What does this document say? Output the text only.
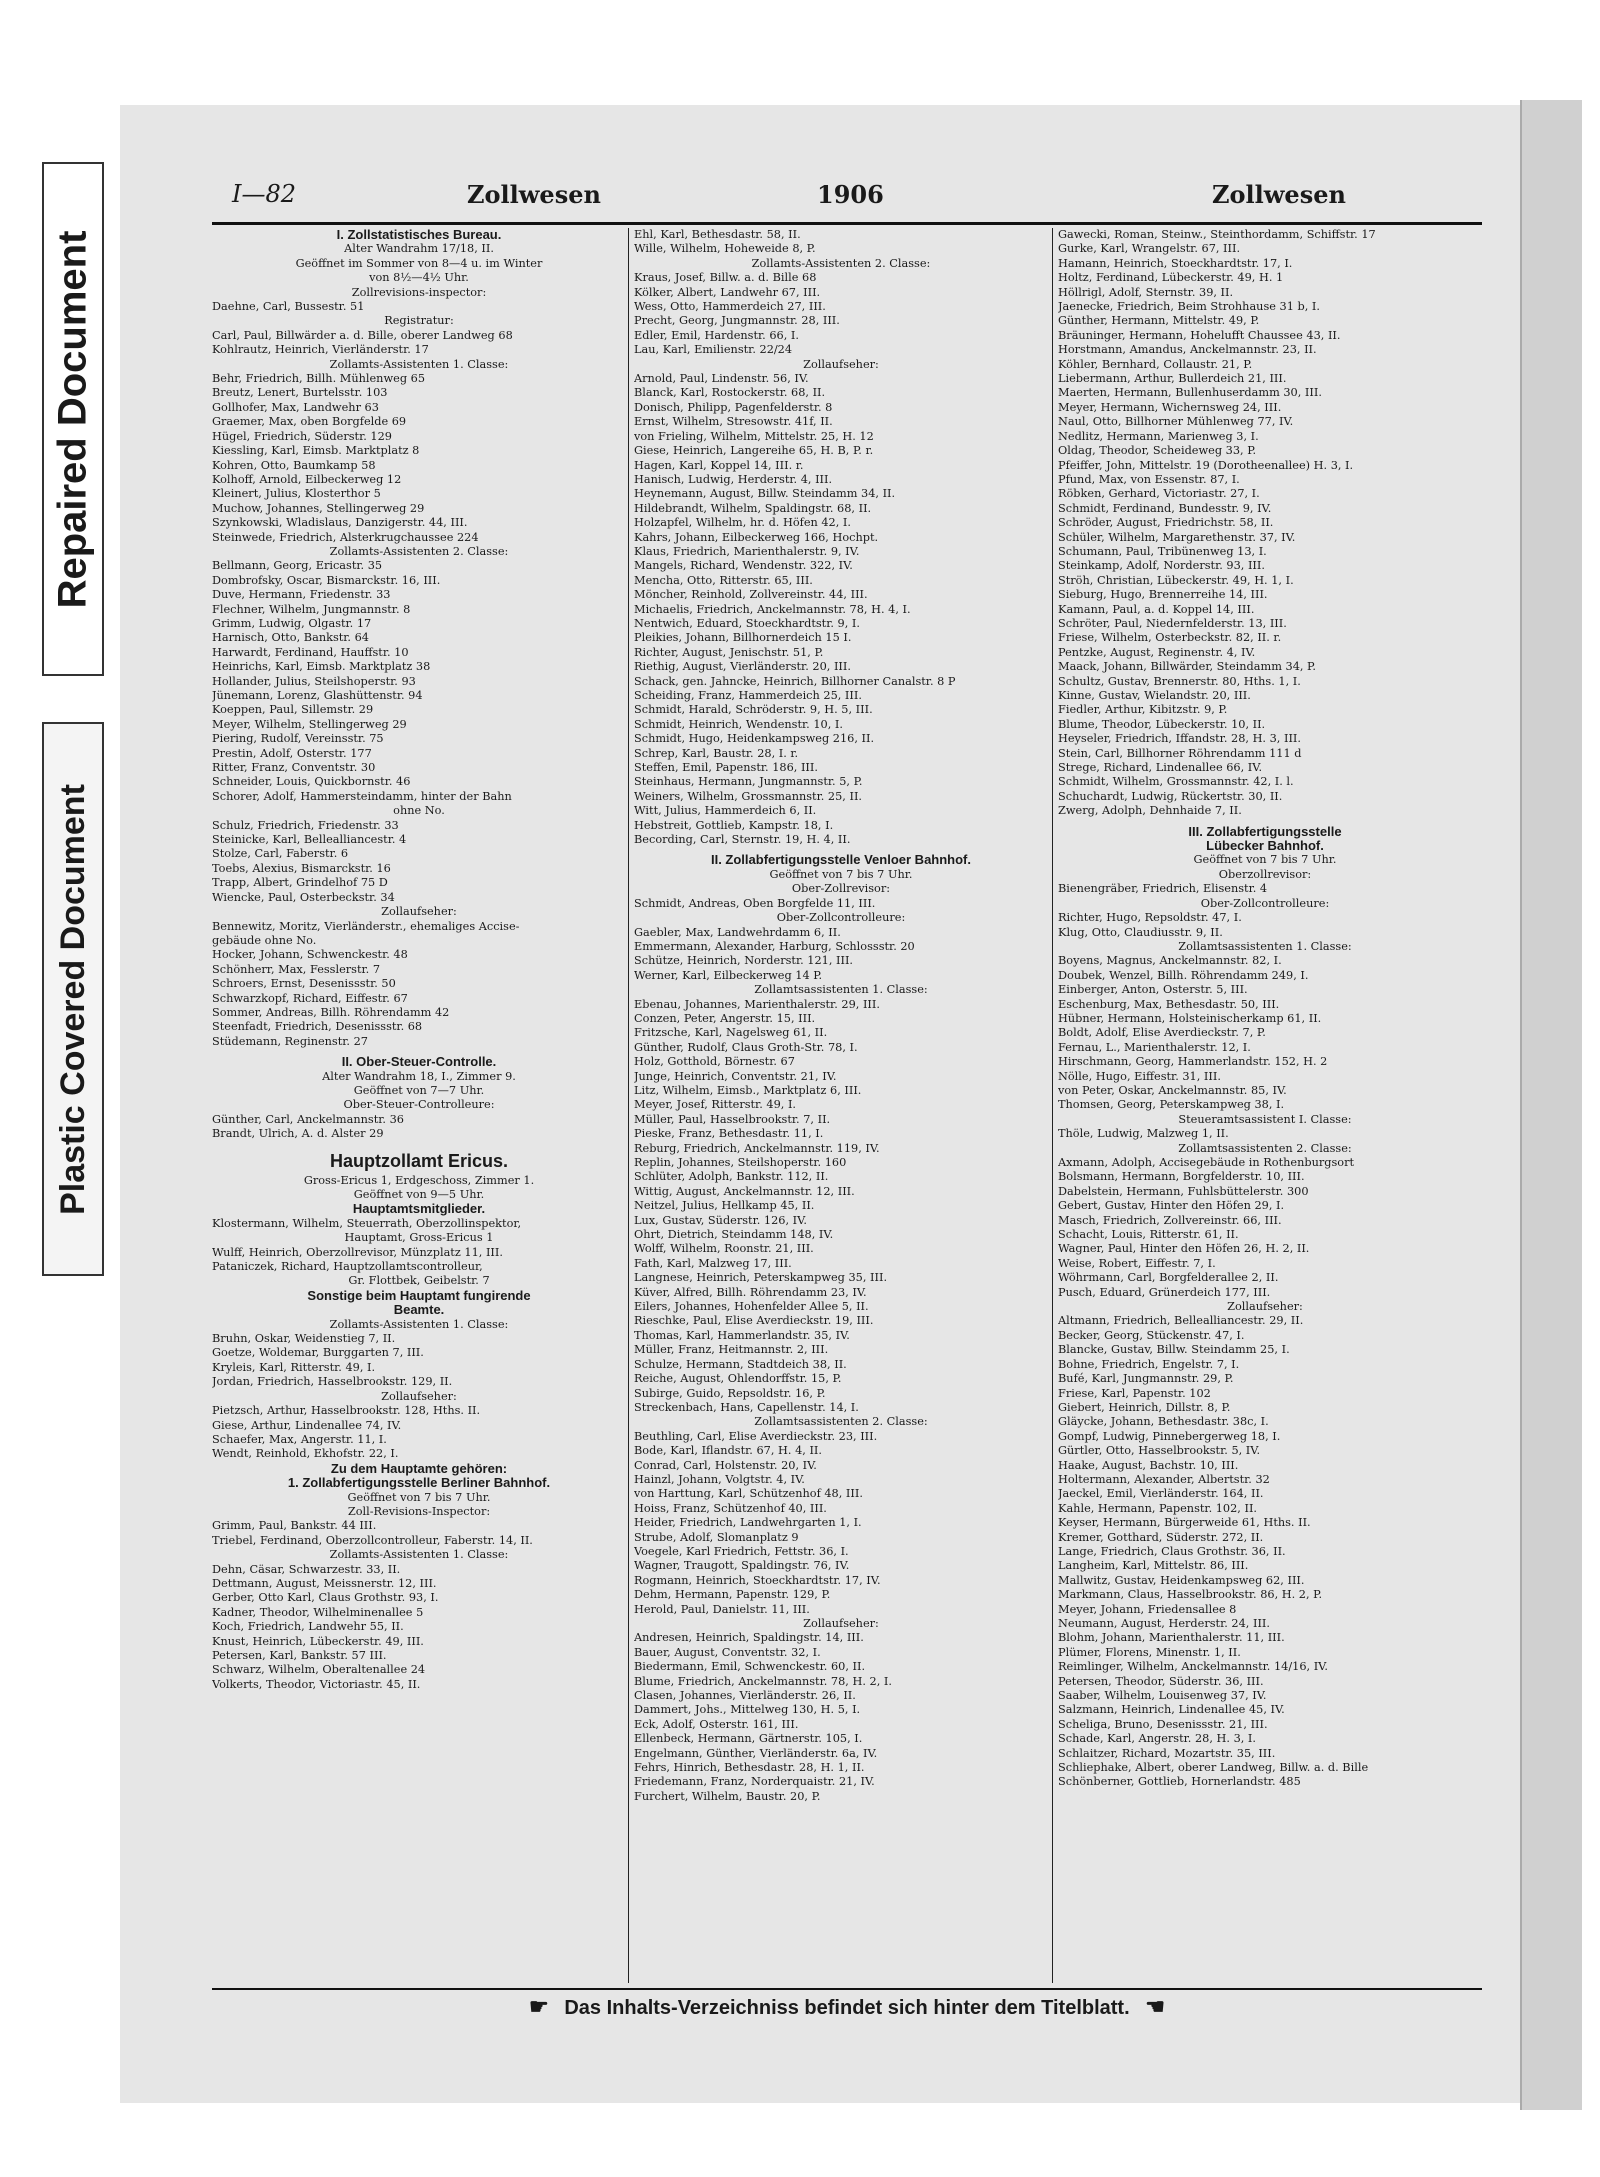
Repaired Document
Plastic Covered Document
I—82	Zollwesen	1906	Zollwesen
I. Zollstatistisches Bureau.
Alter Wandrahm 17/18, II.
Geöffnet im Sommer von 8—4 u. im Winter
von 8½—4½ Uhr.
Zollrevisions-inspector:
Daehne, Carl, Bussestr. 51
Registratur:
Carl, Paul, Billwärder a. d. Bille, oberer Landweg 68
Kohlrautz, Heinrich, Vierländerstr. 17
Zollamts-Assistenten 1. Classe:
Behr, Friedrich, Billh. Mühlenweg 65
Breutz, Lenert, Burtelsstr. 103
Gollhofer, Max, Landwehr 63
Graemer, Max, oben Borgfelde 69
Hügel, Friedrich, Süderstr. 129
Kiessling, Karl, Eimsb. Marktplatz 8
Kohren, Otto, Baumkamp 58
Kolhoff, Arnold, Eilbeckerweg 12
Kleinert, Julius, Klosterthor 5
Muchow, Johannes, Stellingerweg 29
Szynkowski, Wladislaus, Danzigerstr. 44, III.
Steinwede, Friedrich, Alsterkrugchaussee 224
Zollamts-Assistenten 2. Classe:
Bellmann, Georg, Ericastr. 35
Dombrofsky, Oscar, Bismarckstr. 16, III.
Duve, Hermann, Friedenstr. 33
Flechner, Wilhelm, Jungmannstr. 8
Grimm, Ludwig, Olgastr. 17
Harnisch, Otto, Bankstr. 64
Harwardt, Ferdinand, Hauffstr. 10
Heinrichs, Karl, Eimsb. Marktplatz 38
Hollander, Julius, Steilshoperstr. 93
Jünemann, Lorenz, Glashüttenstr. 94
Koeppen, Paul, Sillemstr. 29
Meyer, Wilhelm, Stellingerweg 29
Piering, Rudolf, Vereinsstr. 75
Prestin, Adolf, Osterstr. 177
Ritter, Franz, Conventstr. 30
Schneider, Louis, Quickbornstr. 46
Schorer, Adolf, Hammersteindamm, hinter der Bahn
ohne No.
Schulz, Friedrich, Friedenstr. 33
Steinicke, Karl, Bellealliancestr. 4
Stolze, Carl, Faberstr. 6
Toebs, Alexius, Bismarckstr. 16
Trapp, Albert, Grindelhof 75 D
Wiencke, Paul, Osterbeckstr. 34
Zollaufseher:
Bennewitz, Moritz, Vierländerstr., ehemaliges Accise-
gebäude ohne No.
Hocker, Johann, Schwenckestr. 48
Schönherr, Max, Fesslerstr. 7
Schroers, Ernst, Desenissstr. 50
Schwarzkopf, Richard, Eiffestr. 67
Sommer, Andreas, Billh. Röhrendamm 42
Steenfadt, Friedrich, Desenissstr. 68
Stüdemann, Reginenstr. 27
II. Ober-Steuer-Controlle.
Alter Wandrahm 18, I., Zimmer 9.
Geöffnet von 7—7 Uhr.
Ober-Steuer-Controlleure:
Günther, Carl, Anckelmannstr. 36
Brandt, Ulrich, A. d. Alster 29
Hauptzollamt Ericus.
Gross-Ericus 1, Erdgeschoss, Zimmer 1.
Geöffnet von 9—5 Uhr.
Hauptamtsmitglieder.
Klostermann, Wilhelm, Steuerrath, Oberzollinspektor,
Hauptamt, Gross-Ericus 1
Wulff, Heinrich, Oberzollrevisor, Münzplatz 11, III.
Pataniczek, Richard, Hauptzollamtscontrolleur,
Gr. Flottbek, Geibelstr. 7
Sonstige beim Hauptamt fungirende
Beamte.
Zollamts-Assistenten 1. Classe:
Bruhn, Oskar, Weidenstieg 7, II.
Goetze, Woldemar, Burggarten 7, III.
Kryleis, Karl, Ritterstr. 49, I.
Jordan, Friedrich, Hasselbrookstr. 129, II.
Zollaufseher:
Pietzsch, Arthur, Hasselbrookstr. 128, Hths. II.
Giese, Arthur, Lindenallee 74, IV.
Schaefer, Max, Angerstr. 11, I.
Wendt, Reinhold, Ekhofstr. 22, I.
Zu dem Hauptamte gehören:
1. Zollabfertigungsstelle Berliner Bahnhof.
Geöffnet von 7 bis 7 Uhr.
Zoll-Revisions-Inspector:
Grimm, Paul, Bankstr. 44 III.
Triebel, Ferdinand, Oberzollcontrolleur, Faberstr. 14, II.
Zollamts-Assistenten 1. Classe:
Dehn, Cäsar, Schwarzestr. 33, II.
Dettmann, August, Meissnerstr. 12, III.
Gerber, Otto Karl, Claus Grothstr. 93, I.
Kadner, Theodor, Wilhelminenallee 5
Koch, Friedrich, Landwehr 55, II.
Knust, Heinrich, Lübeckerstr. 49, III.
Petersen, Karl, Bankstr. 57 III.
Schwarz, Wilhelm, Oberaltenallee 24
Volkerts, Theodor, Victoriastr. 45, II.
Ehl, Karl, Bethesdastr. 58, II.
Wille, Wilhelm, Hoheweide 8, P.
Zollamts-Assistenten 2. Classe:
Kraus, Josef, Billw. a. d. Bille 68
Kölker, Albert, Landwehr 67, III.
Wess, Otto, Hammerdeich 27, III.
Precht, Georg, Jungmannstr. 28, III.
Edler, Emil, Hardenstr. 66, I.
Lau, Karl, Emilienstr. 22/24
Zollaufseher:
Arnold, Paul, Lindenstr. 56, IV.
Blanck, Karl, Rostockerstr. 68, II.
Donisch, Philipp, Pagenfelderstr. 8
Ernst, Wilhelm, Stresowstr. 41f, II.
von Frieling, Wilhelm, Mittelstr. 25, H. 12
Giese, Heinrich, Langereihe 65, H. B, P. r.
Hagen, Karl, Koppel 14, III. r.
Hanisch, Ludwig, Herderstr. 4, III.
Heynemann, August, Billw. Steindamm 34, II.
Hildebrandt, Wilhelm, Spaldingstr. 68, II.
Holzapfel, Wilhelm, hr. d. Höfen 42, I.
Kahrs, Johann, Eilbeckerweg 166, Hochpt.
Klaus, Friedrich, Marienthalerstr. 9, IV.
Mangels, Richard, Wendenstr. 322, IV.
Mencha, Otto, Ritterstr. 65, III.
Möncher, Reinhold, Zollvereinstr. 44, III.
Michaelis, Friedrich, Anckelmannstr. 78, H. 4, I.
Nentwich, Eduard, Stoeckhardtstr. 9, I.
Pleikies, Johann, Billhornerdeich 15 I.
Richter, August, Jenischstr. 51, P.
Riethig, August, Vierländerstr. 20, III.
Schack, gen. Jahncke, Heinrich, Billhorner Canalstr. 8 P
Scheiding, Franz, Hammerdeich 25, III.
Schmidt, Harald, Schröderstr. 9, H. 5, III.
Schmidt, Heinrich, Wendenstr. 10, I.
Schmidt, Hugo, Heidenkampsweg 216, II.
Schrep, Karl, Baustr. 28, I. r.
Steffen, Emil, Papenstr. 186, III.
Steinhaus, Hermann, Jungmannstr. 5, P.
Weiners, Wilhelm, Grossmannstr. 25, II.
Witt, Julius, Hammerdeich 6, II.
Hebstreit, Gottlieb, Kampstr. 18, I.
Becording, Carl, Sternstr. 19, H. 4, II.
II. Zollabfertigungsstelle Venloer Bahnhof.
Geöffnet von 7 bis 7 Uhr.
Ober-Zollrevisor:
Schmidt, Andreas, Oben Borgfelde 11, III.
Ober-Zollcontrolleure:
Gaebler, Max, Landwehrdamm 6, II.
Emmermann, Alexander, Harburg, Schlossstr. 20
Schütze, Heinrich, Norderstr. 121, III.
Werner, Karl, Eilbeckerweg 14 P.
Zollamtsassistenten 1. Classe:
Ebenau, Johannes, Marienthalerstr. 29, III.
Conzen, Peter, Angerstr. 15, III.
Fritzsche, Karl, Nagelsweg 61, II.
Günther, Rudolf, Claus Groth-Str. 78, I.
Holz, Gotthold, Börnestr. 67
Junge, Heinrich, Conventstr. 21, IV.
Litz, Wilhelm, Eimsb., Marktplatz 6, III.
Meyer, Josef, Ritterstr. 49, I.
Müller, Paul, Hasselbrookstr. 7, II.
Pieske, Franz, Bethesdastr. 11, I.
Reburg, Friedrich, Anckelmannstr. 119, IV.
Replin, Johannes, Steilshoperstr. 160
Schlüter, Adolph, Bankstr. 112, II.
Wittig, August, Anckelmannstr. 12, III.
Neitzel, Julius, Hellkamp 45, II.
Lux, Gustav, Süderstr. 126, IV.
Ohrt, Dietrich, Steindamm 148, IV.
Wolff, Wilhelm, Roonstr. 21, III.
Fath, Karl, Malzweg 17, III.
Langnese, Heinrich, Peterskampweg 35, III.
Küver, Alfred, Billh. Röhrendamm 23, IV.
Eilers, Johannes, Hohenfelder Allee 5, II.
Rieschke, Paul, Elise Averdieckstr. 19, III.
Thomas, Karl, Hammerlandstr. 35, IV.
Müller, Franz, Heitmannstr. 2, III.
Schulze, Hermann, Stadtdeich 38, II.
Reiche, August, Ohlendorffstr. 15, P.
Subirge, Guido, Repsoldstr. 16, P.
Streckenbach, Hans, Capellenstr. 14, I.
Zollamtsassistenten 2. Classe:
Beuthling, Carl, Elise Averdieckstr. 23, III.
Bode, Karl, Iflandstr. 67, H. 4, II.
Conrad, Carl, Holstenstr. 20, IV.
Hainzl, Johann, Volgtstr. 4, IV.
von Harttung, Karl, Schützenhof 48, III.
Hoiss, Franz, Schützenhof 40, III.
Heider, Friedrich, Landwehrgarten 1, I.
Strube, Adolf, Slomanplatz 9
Voegele, Karl Friedrich, Fettstr. 36, I.
Wagner, Traugott, Spaldingstr. 76, IV.
Rogmann, Heinrich, Stoeckhardtstr. 17, IV.
Dehm, Hermann, Papenstr. 129, P.
Herold, Paul, Danielstr. 11, III.
Zollaufseher:
Andresen, Heinrich, Spaldingstr. 14, III.
Bauer, August, Conventstr. 32, I.
Biedermann, Emil, Schwenckestr. 60, II.
Blume, Friedrich, Anckelmannstr. 78, H. 2, I.
Clasen, Johannes, Vierländerstr. 26, II.
Dammert, Johs., Mittelweg 130, H. 5, I.
Eck, Adolf, Osterstr. 161, III.
Ellenbeck, Hermann, Gärtnerstr. 105, I.
Engelmann, Günther, Vierländerstr. 6a, IV.
Fehrs, Hinrich, Bethesdastr. 28, H. 1, II.
Friedemann, Franz, Norderquaistr. 21, IV.
Furchert, Wilhelm, Baustr. 20, P.
Gawecki, Roman, Steinw., Steinthordamm, Schiffstr. 17
Gurke, Karl, Wrangelstr. 67, III.
Hamann, Heinrich, Stoeckhardtstr. 17, I.
Holtz, Ferdinand, Lübeckerstr. 49, H. 1
Höllrigl, Adolf, Sternstr. 39, II.
Jaenecke, Friedrich, Beim Strohhause 31 b, I.
Günther, Hermann, Mittelstr. 49, P.
Bräuninger, Hermann, Hohelufft Chaussee 43, II.
Horstmann, Amandus, Anckelmannstr. 23, II.
Köhler, Bernhard, Collaustr. 21, P.
Liebermann, Arthur, Bullerdeich 21, III.
Maerten, Hermann, Bullenhuserdamm 30, III.
Meyer, Hermann, Wichernsweg 24, III.
Naul, Otto, Billhorner Mühlenweg 77, IV.
Nedlitz, Hermann, Marienweg 3, I.
Oldag, Theodor, Scheideweg 33, P.
Pfeiffer, John, Mittelstr. 19 (Dorotheenallee) H. 3, I.
Pfund, Max, von Essenstr. 87, I.
Röbken, Gerhard, Victoriastr. 27, I.
Schmidt, Ferdinand, Bundesstr. 9, IV.
Schröder, August, Friedrichstr. 58, II.
Schüler, Wilhelm, Margarethenstr. 37, IV.
Schumann, Paul, Tribünenweg 13, I.
Steinkamp, Adolf, Norderstr. 93, III.
Ströh, Christian, Lübeckerstr. 49, H. 1, I.
Sieburg, Hugo, Brennerreihe 14, III.
Kamann, Paul, a. d. Koppel 14, III.
Schröter, Paul, Niedernfelderstr. 13, III.
Friese, Wilhelm, Osterbeckstr. 82, II. r.
Pentzke, August, Reginenstr. 4, IV.
Maack, Johann, Billwärder, Steindamm 34, P.
Schultz, Gustav, Brennerstr. 80, Hths. 1, I.
Kinne, Gustav, Wielandstr. 20, III.
Fiedler, Arthur, Kibitzstr. 9, P.
Blume, Theodor, Lübeckerstr. 10, II.
Heyseler, Friedrich, Iffandstr. 28, H. 3, III.
Stein, Carl, Billhorner Röhrendamm 111 d
Strege, Richard, Lindenallee 66, IV.
Schmidt, Wilhelm, Grossmannstr. 42, I. l.
Schuchardt, Ludwig, Rückertstr. 30, II.
Zwerg, Adolph, Dehnhaide 7, II.
III. Zollabfertigungsstelle
Lübecker Bahnhof.
Geöffnet von 7 bis 7 Uhr.
Oberzollrevisor:
Bienengräber, Friedrich, Elisenstr. 4
Ober-Zollcontrolleure:
Richter, Hugo, Repsoldstr. 47, I.
Klug, Otto, Claudiusstr. 9, II.
Zollamtsassistenten 1. Classe:
Boyens, Magnus, Anckelmannstr. 82, I.
Doubek, Wenzel, Billh. Röhrendamm 249, I.
Einberger, Anton, Osterstr. 5, III.
Eschenburg, Max, Bethesdastr. 50, III.
Hübner, Hermann, Holsteinischerkamp 61, II.
Boldt, Adolf, Elise Averdieckstr. 7, P.
Fernau, L., Marienthalerstr. 12, I.
Hirschmann, Georg, Hammerlandstr. 152, H. 2
Nölle, Hugo, Eiffestr. 31, III.
von Peter, Oskar, Anckelmannstr. 85, IV.
Thomsen, Georg, Peterskampweg 38, I.
Steueramtsassistent I. Classe:
Thöle, Ludwig, Malzweg 1, II.
Zollamtsassistenten 2. Classe:
Axmann, Adolph, Accisegebäude in Rothenburgsort
Bolsmann, Hermann, Borgfelderstr. 10, III.
Dabelstein, Hermann, Fuhlsbüttelerstr. 300
Gebert, Gustav, Hinter den Höfen 29, I.
Masch, Friedrich, Zollvereinstr. 66, III.
Schacht, Louis, Ritterstr. 61, II.
Wagner, Paul, Hinter den Höfen 26, H. 2, II.
Weise, Robert, Eiffestr. 7, I.
Wöhrmann, Carl, Borgfelderallee 2, II.
Pusch, Eduard, Grünerdeich 177, III.
Zollaufseher:
Altmann, Friedrich, Bellealliancestr. 29, II.
Becker, Georg, Stückenstr. 47, I.
Blancke, Gustav, Billw. Steindamm 25, I.
Bohne, Friedrich, Engelstr. 7, I.
Bufé, Karl, Jungmannstr. 29, P.
Friese, Karl, Papenstr. 102
Giebert, Heinrich, Dillstr. 8, P.
Gläycke, Johann, Bethesdastr. 38c, I.
Gompf, Ludwig, Pinnebergerweg 18, I.
Gürtler, Otto, Hasselbrookstr. 5, IV.
Haake, August, Bachstr. 10, III.
Holtermann, Alexander, Albertstr. 32
Jaeckel, Emil, Vierländerstr. 164, II.
Kahle, Hermann, Papenstr. 102, II.
Keyser, Hermann, Bürgerweide 61, Hths. II.
Kremer, Gotthard, Süderstr. 272, II.
Lange, Friedrich, Claus Grothstr. 36, II.
Langheim, Karl, Mittelstr. 86, III.
Mallwitz, Gustav, Heidenkampsweg 62, III.
Markmann, Claus, Hasselbrookstr. 86, H. 2, P.
Meyer, Johann, Friedensallee 8
Neumann, August, Herderstr. 24, III.
Blohm, Johann, Marienthalerstr. 11, III.
Plümer, Florens, Minenstr. 1, II.
Reimlinger, Wilhelm, Anckelmannstr. 14/16, IV.
Petersen, Theodor, Süderstr. 36, III.
Saaber, Wilhelm, Louisenweg 37, IV.
Salzmann, Heinrich, Lindenallee 45, IV.
Scheliga, Bruno, Desenissstr. 21, III.
Schade, Karl, Angerstr. 28, H. 3, I.
Schlaitzer, Richard, Mozartstr. 35, III.
Schliephake, Albert, oberer Landweg, Billw. a. d. Bille
Schönberner, Gottlieb, Hornerlandstr. 485
☛ Das Inhalts-Verzeichniss befindet sich hinter dem Titelblatt. ☚
